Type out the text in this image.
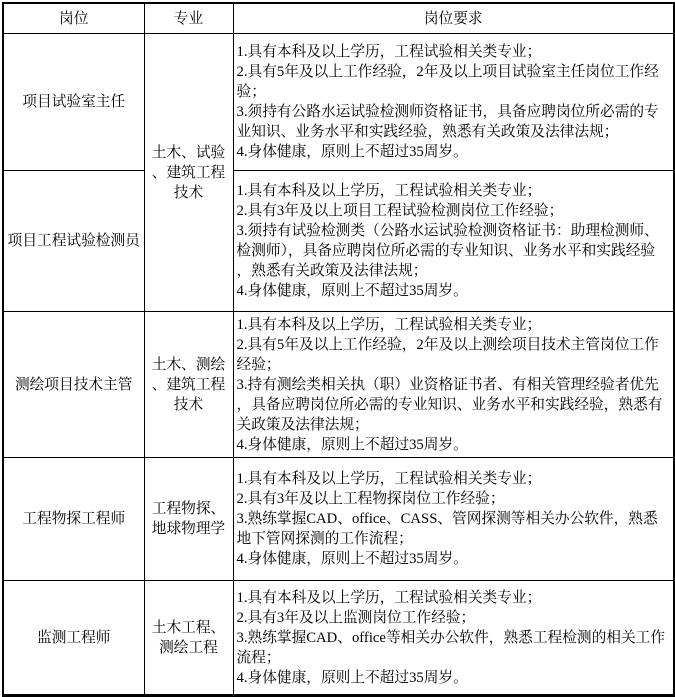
岗位	专业	岗位要求
项目试验室主任	土木、试验、建筑工程技术	1.具有本科及以上学历，工程试验相关类专业；
2.具有5年及以上工作经验，2年及以上项目试验室主任岗位工作经验；
3.须持有公路水运试验检测师资格证书，具备应聘岗位所必需的专业知识、业务水平和实践经验，熟悉有关政策及法律法规；
4.身体健康，原则上不超过35周岁。

项目工程试验检测员		1.具有本科及以上学历，工程试验相关类专业；
2.具有3年及以上项目工程试验检测岗位工作经验；
3.须持有试验检测类（公路水运试验检测资格证书：助理检测师、检测师），具备应聘岗位所必需的专业知识、业务水平和实践经验，熟悉有关政策及法律法规；
4.身体健康，原则上不超过35周岁。

测绘项目技术主管	土木、测绘、建筑工程技术	1.具有本科及以上学历，工程试验相关类专业；
2.具有5年及以上工作经验，2年及以上测绘项目技术主管岗位工作经验；
3.持有测绘类相关执（职）业资格证书者、有相关管理经验者优先，具备应聘岗位所必需的专业知识、业务水平和实践经验，熟悉有关政策及法律法规；
4.身体健康，原则上不超过35周岁。

工程物探工程师	工程物探、地球物理学	1.具有本科及以上学历，工程试验相关类专业；
2.具有3年及以上工程物探岗位工作经验；
3.熟练掌握CAD、office、CASS、管网探测等相关办公软件，熟悉地下管网探测的工作流程；
4.身体健康，原则上不超过35周岁。

监测工程师	土木工程、测绘工程	1.具有本科及以上学历，工程试验相关类专业；
2.具有3年及以上监测岗位工作经验；
3.熟练掌握CAD、office等相关办公软件，熟悉工程检测的相关工作流程；
4.身体健康，原则上不超过35周岁。
